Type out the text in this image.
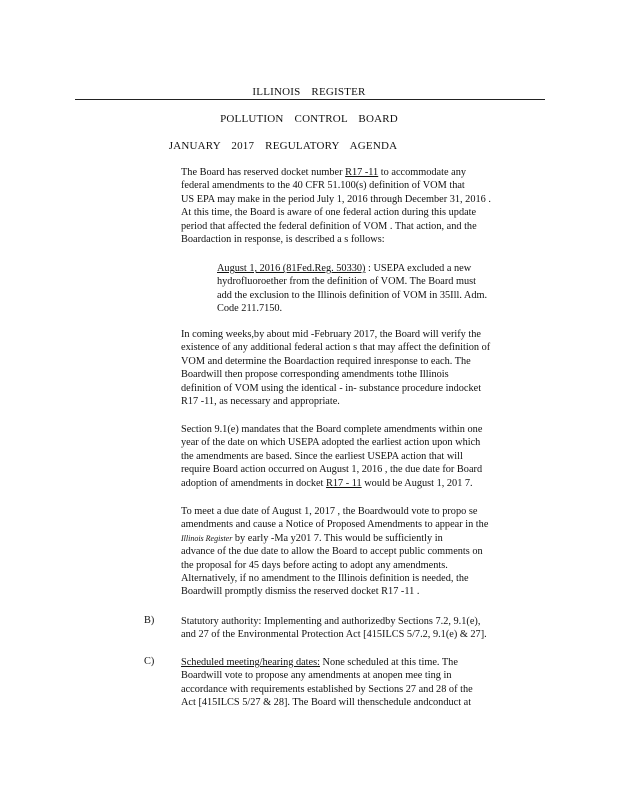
ILLINOIS REGISTER
POLLUTION CONTROL BOARD
JANUARY 2017 REGULATORY AGENDA
The Board has reserved docket number R17 -11 to accommodate any
federal amendments to the 40 CFR 51.100(s) definition of VOM that
US EPA may make in the period July 1, 2016 through December 31, 2016 .
At this time, the Board is aware of one federal action during this update
period that affected the federal definition of VOM . That action, and the
Boardaction in response, is described a s follows:
August 1, 2016 (81Fed.Reg. 50330) : USEPA excluded a new
hydrofluoroether from the definition of VOM. The Board must
add the exclusion to the Illinois definition of VOM in 35Ill. Adm.
Code 211.7150.
In coming weeks,by about mid -February 2017, the Board will verify the
existence of any additional federal action s that may affect the definition of
VOM and determine the Boardaction required inresponse to each. The
Boardwill then propose corresponding amendments tothe Illinois
definition of VOM using the identical - in- substance procedure indocket
R17 -11, as necessary and appropriate.
Section 9.1(e) mandates that the Board complete amendments within one
year of the date on which USEPA adopted the earliest action upon which
the amendments are based. Since the earliest USEPA action that will
require Board action occurred on August 1, 2016 , the due date for Board
adoption of amendments in docket R17 - 11 would be August 1, 201 7.
To meet a due date of August 1, 2017 , the Boardwould vote to propo se
amendments and cause a Notice of Proposed Amendments to appear in the
Illinois Register by early -Ma y201 7. This would be sufficiently in
advance of the due date to allow the Board to accept public comments on
the proposal for 45 days before acting to adopt any amendments.
Alternatively, if no amendment to the Illinois definition is needed, the
Boardwill promptly dismiss the reserved docket R17 -11 .
B)	Statutory authority: Implementing and authorizedby Sections 7.2, 9.1(e),
and 27 of the Environmental Protection Act [415ILCS 5/7.2, 9.1(e) & 27].
C)	Scheduled meeting/hearing dates: None scheduled at this time. The
Boardwill vote to propose any amendments at anopen mee ting in
accordance with requirements established by Sections 27 and 28 of the
Act [415ILCS 5/27 & 28]. The Board will thenschedule andconduct at
